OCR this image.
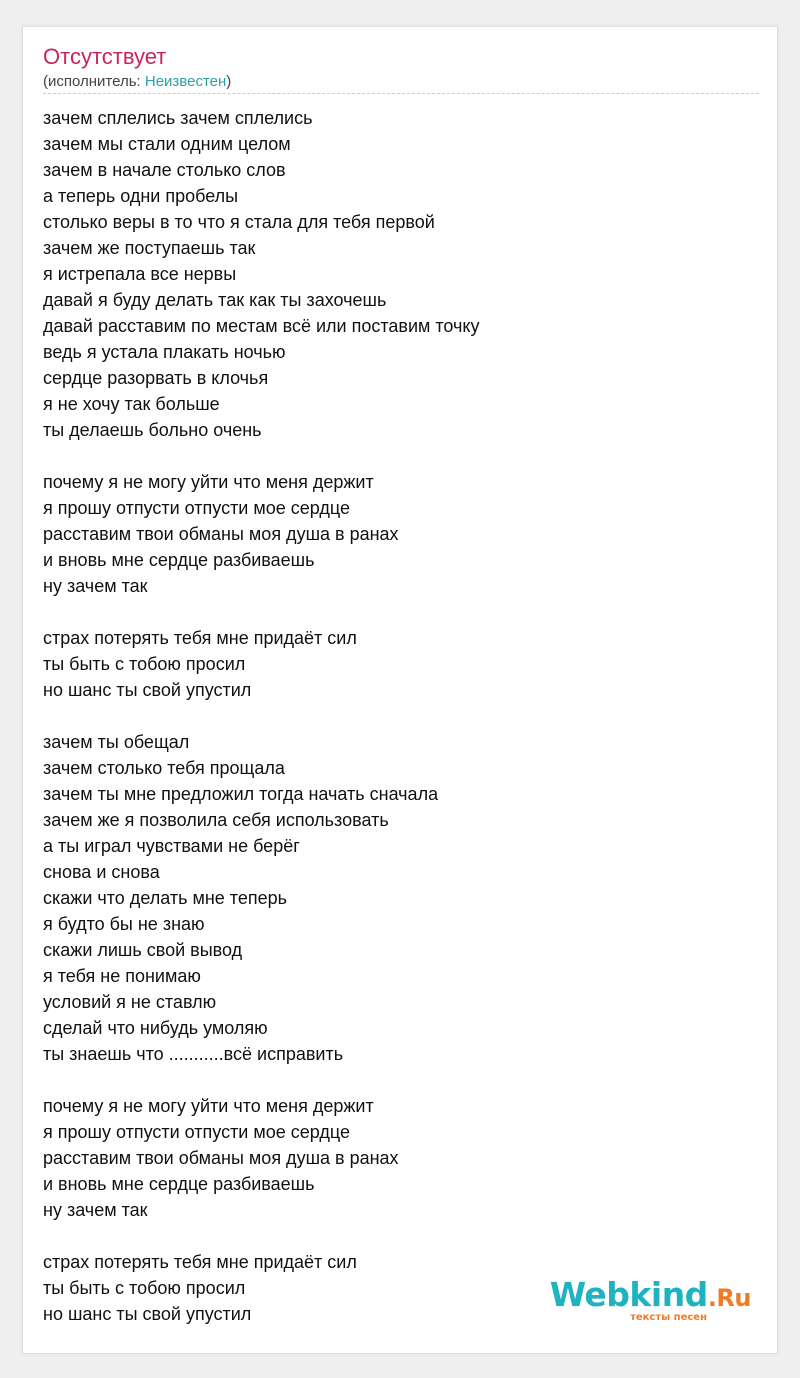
Отсутствует
(исполнитель: Неизвестен)
зачем сплелись зачем сплелись
зачем мы стали одним целом
зачем в начале столько слов
а теперь одни пробелы
столько веры в то что я стала для тебя первой
зачем же поступаешь так
я истрепала все нервы
давай я буду делать так как ты захочешь
давай расставим по местам всё или поставим точку
ведь я устала плакать ночью
сердце разорвать в клочья
я не хочу так больше
ты делаешь больно очень
почему я не могу уйти что меня держит
я прошу отпусти отпусти мое сердце
расставим твои обманы моя душа в ранах
и вновь мне сердце разбиваешь
ну зачем так
страх потерять тебя мне придаёт сил
ты быть с тобою просил
но шанс ты свой упустил
зачем ты обещал
зачем столько тебя прощала
зачем ты мне предложил тогда начать сначала
зачем же я позволила себя использовать
а ты играл чувствами не берёг
снова и снова
скажи что делать мне теперь
я будто бы не знаю
скажи лишь свой вывод
я тебя не понимаю
условий я не ставлю
сделай что нибудь умоляю
ты знаешь что ...........всё исправить
почему я не могу уйти что меня держит
я прошу отпусти отпусти мое сердце
расставим твои обманы моя душа в ранах
и вновь мне сердце разбиваешь
ну зачем так
страх потерять тебя мне придаёт сил
ты быть с тобою просил
но шанс ты свой упустил	Webkind.Ru
тексты песен
